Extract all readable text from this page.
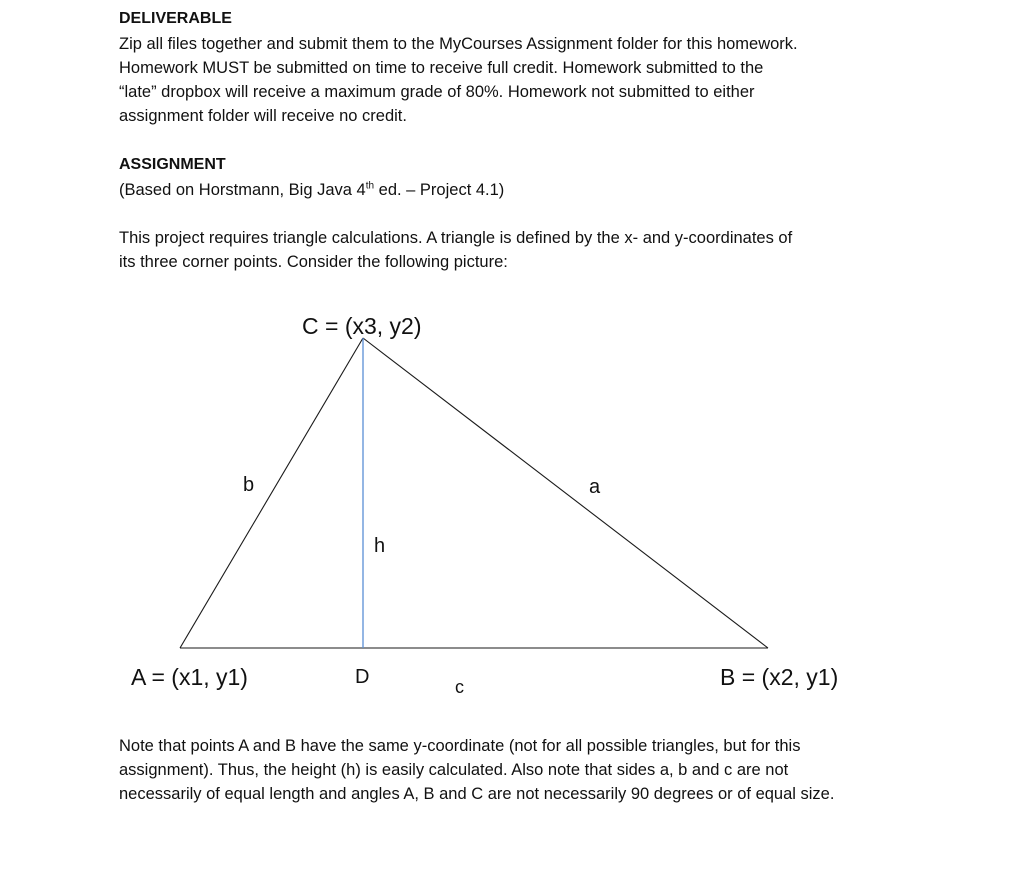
DELIVERABLE

Zip all files together and submit them to the MyCourses Assignment folder for this homework.
Homework MUST be submitted on time to receive full credit. Homework submitted to the
“late” dropbox will receive a maximum grade of 80%. Homework not submitted to either
assignment folder will receive no credit.

ASSIGNMENT

(Based on Horstmann, Big Java 4th ed. – Project 4.1)

This project requires triangle calculations. A triangle is defined by the x- and y-coordinates of
its three corner points. Consider the following picture:

C = (x3, y2)

A = (x1, y1)	B = (x2, y1)

D

b	a

c

h

Note that points A and B have the same y-coordinate (not for all possible triangles, but for this
assignment). Thus, the height (h) is easily calculated. Also note that sides a, b and c are not
necessarily of equal length and angles A, B and C are not necessarily 90 degrees or of equal size.
